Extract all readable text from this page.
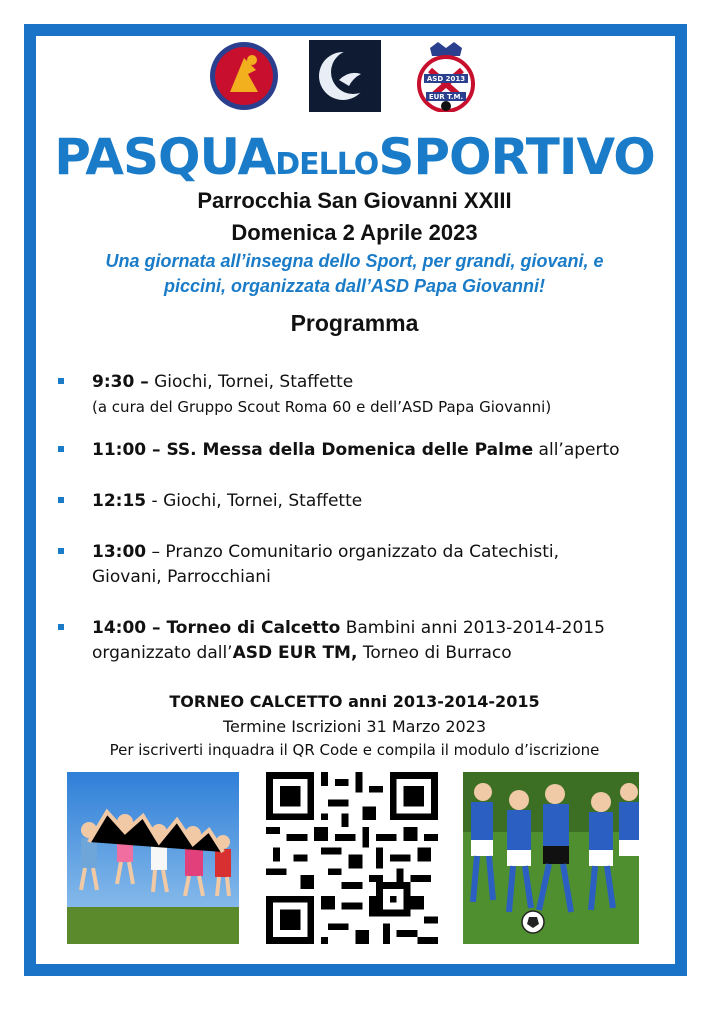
ASD 2013
EUR T.M.
PASQUADELLOSPORTIVO
Parrocchia San Giovanni XXIII
Domenica 2 Aprile 2023
Una giornata all’insegna dello Sport, per grandi, giovani, e
piccini, organizzata dall’ASD Papa Giovanni!
Programma
9:30 – Giochi, Tornei, Staffette
(a cura del Gruppo Scout Roma 60 e dell’ASD Papa Giovanni)
11:00 – SS. Messa della Domenica delle Palme all’aperto
12:15 - Giochi, Tornei, Staffette
13:00 – Pranzo Comunitario organizzato da Catechisti,
Giovani, Parrocchiani
14:00 – Torneo di Calcetto Bambini anni 2013-2014-2015
organizzato dall’ASD EUR TM, Torneo di Burraco
TORNEO CALCETTO anni 2013-2014-2015
Termine Iscrizioni 31 Marzo 2023
Per iscriverti inquadra il QR Code e compila il modulo d’iscrizione
